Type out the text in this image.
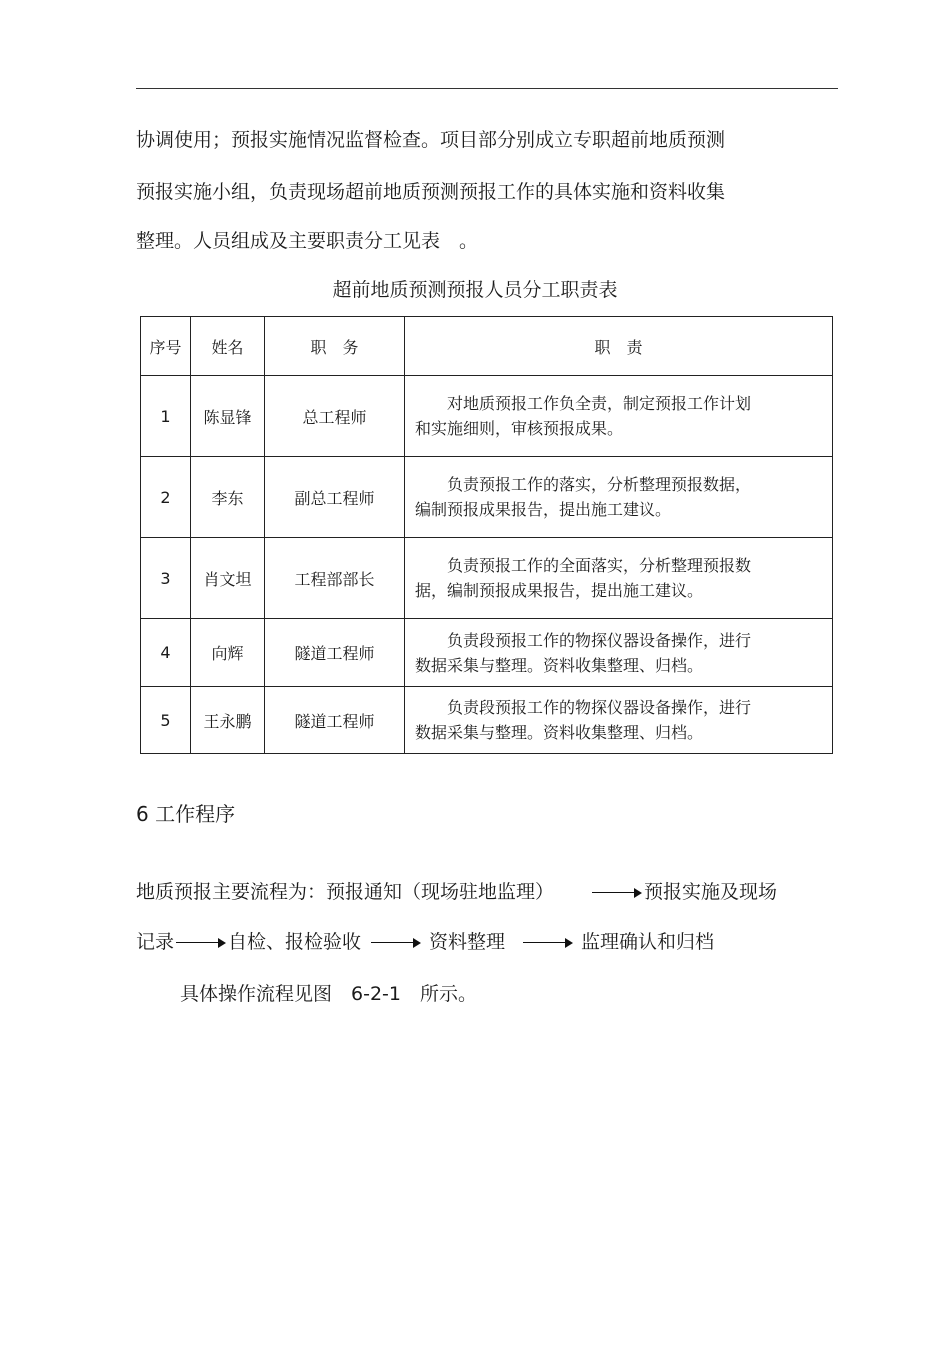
协调使用；预报实施情况监督检查。项目部分别成立专职超前地质预测
预报实施小组，负责现场超前地质预测预报工作的具体实施和资料收集
整理。人员组成及主要职责分工见表　。
超前地质预测预报人员分工职责表
序号	姓名	职　务	职　责
1	陈显锋	总工程师	对地质预报工作负全责，制定预报工作计划
和实施细则，审核预报成果。

2	李东	副总工程师	负责预报工作的落实，分析整理预报数据，
编制预报成果报告，提出施工建议。

3	肖文坦	工程部部长	负责预报工作的全面落实，分析整理预报数
据，编制预报成果报告，提出施工建议。

4	向辉	隧道工程师	负责段预报工作的物探仪器设备操作，进行
数据采集与整理。资料收集整理、归档。

5	王永鹏	隧道工程师	负责段预报工作的物探仪器设备操作，进行
数据采集与整理。资料收集整理、归档。
6 工作程序
地质预报主要流程为：预报通知（现场驻地监理）	预报实施及现场
记录	自检、报检验收	资料整理	监理确认和归档
具体操作流程见图　6-2-1　所示。
